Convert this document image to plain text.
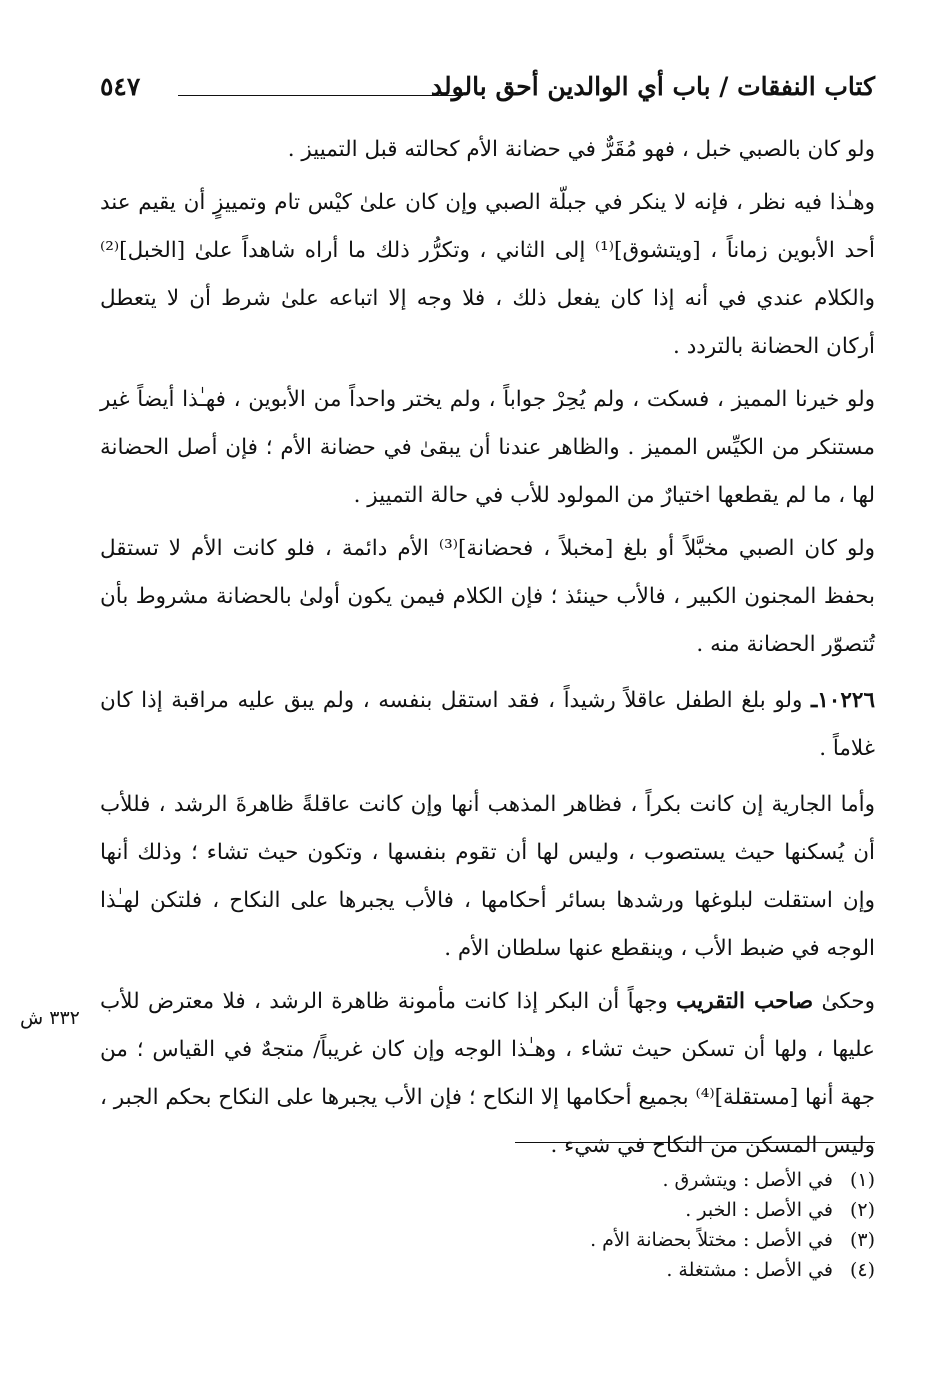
كتاب النفقات / باب أي الوالدين أحق بالولد
٥٤٧

ولو كان بالصبي خبل ، فهو مُقَرٌّ في حضانة الأم كحالته قبل التمييز .

وهـٰذا فيه نظر ، فإنه لا ينكر في جبلّة الصبي وإن كان علىٰ كيْس تام وتمييزٍ أن يقيم عند أحد الأبوين زماناً ، [ويتشوق]⁽¹⁾ إلى الثاني ، وتكرُّر ذلك ما أراه شاهداً علىٰ [الخبل]⁽²⁾ والكلام عندي في أنه إذا كان يفعل ذلك ، فلا وجه إلا اتباعه علىٰ شرط أن لا يتعطل أركان الحضانة بالتردد .

ولو خيرنا المميز ، فسكت ، ولم يُحِرْ جواباً ، ولم يختر واحداً من الأبوين ، فهـٰذا أيضاً غير مستنكر من الكيِّس المميز . والظاهر عندنا أن يبقىٰ في حضانة الأم ؛ فإن أصل الحضانة لها ، ما لم يقطعها اختيارٌ من المولود للأب في حالة التمييز .

ولو كان الصبي مخبَّلاً أو بلغ [مخبلاً ، فحضانة]⁽³⁾ الأم دائمة ، فلو كانت الأم لا تستقل بحفظ المجنون الكبير ، فالأب حينئذ ؛ فإن الكلام فيمن يكون أولىٰ بالحضانة مشروط بأن تُتصوّر الحضانة منه .

١٠٢٢٦ـ ولو بلغ الطفل عاقلاً رشيداً ، فقد استقل بنفسه ، ولم يبق عليه مراقبة إذا كان غلاماً .

وأما الجارية إن كانت بكراً ، فظاهر المذهب أنها وإن كانت عاقلةً ظاهرةَ الرشد ، فللأب أن يُسكنها حيث يستصوب ، وليس لها أن تقوم بنفسها ، وتكون حيث تشاء ؛ وذلك أنها وإن استقلت لبلوغها ورشدها بسائر أحكامها ، فالأب يجبرها على النكاح ، فلتكن لهـٰذا الوجه في ضبط الأب ، وينقطع عنها سلطان الأم .

وحكىٰ صاحب التقريب وجهاً أن البكر إذا كانت مأمونة ظاهرة الرشد ، فلا معترض للأب عليها ، ولها أن تسكن حيث تشاء ، وهـٰذا الوجه وإن كان غريباً/ متجهٌ في القياس ؛ من جهة أنها [مستقلة]⁽⁴⁾ بجميع أحكامها إلا النكاح ؛ فإن الأب يجبرها على النكاح بحكم الجبر ، وليس المسكن من النكاح في شيء .

٣٣٢ ش
(١)في الأصل : ويتشرق .
(٢)في الأصل : الخبر .
(٣)في الأصل : مختلاً بحضانة الأم .
(٤)في الأصل : مشتغلة .
